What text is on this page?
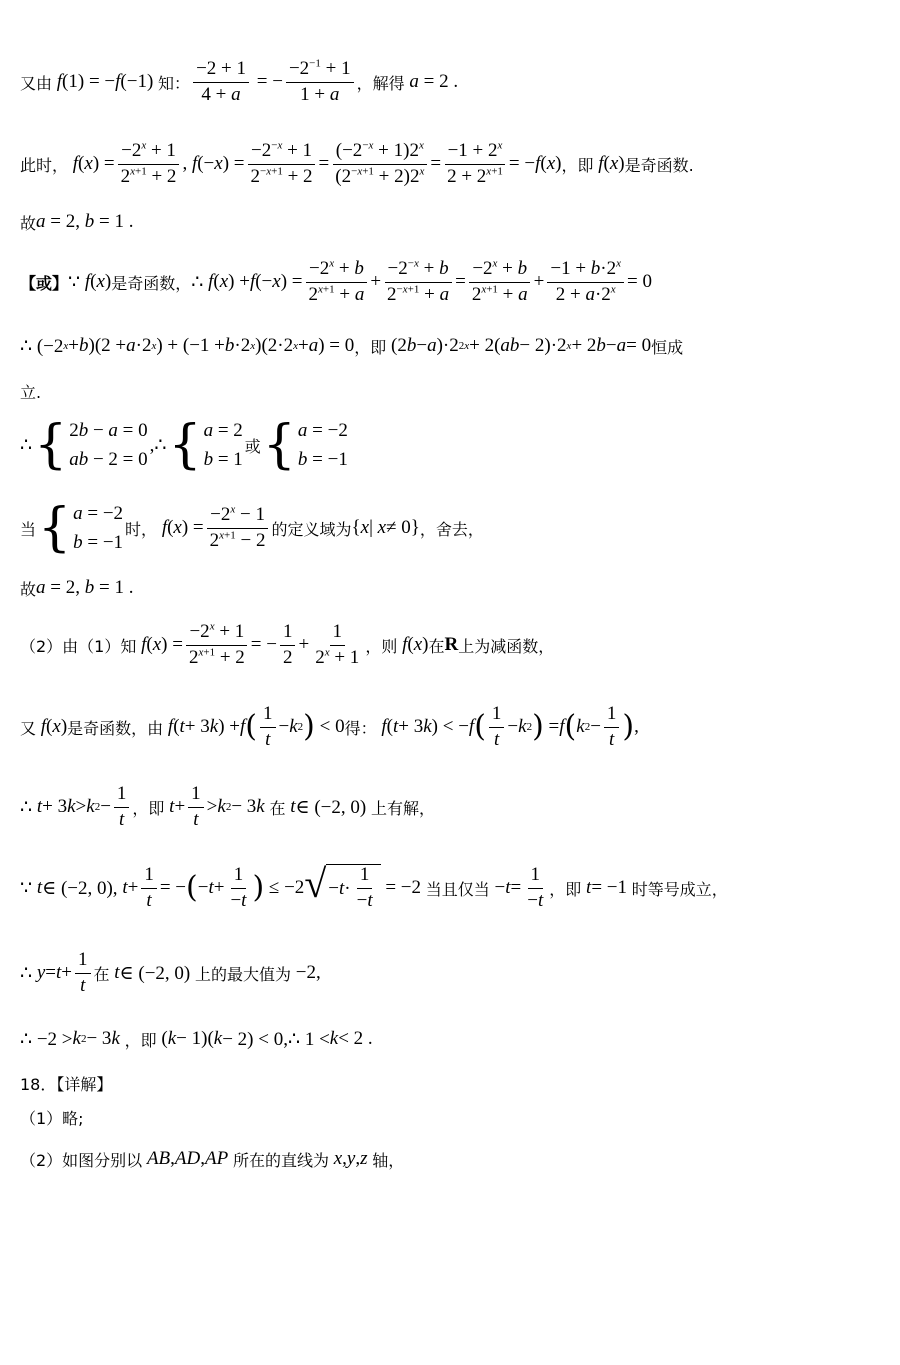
又由
f (1) = − f (−1) 知： $\frac{-2 + 1}{4 + a}$ = − $\frac{-2^{-1} + 1}{1 + a}$ ，解得
a = 2 .
此时，
f ( x ) = $\frac{-2^x + 1}{2^{x+1} + 2}$ , f (− x ) = $\frac{-2^{-x} + 1}{2^{-x+1} + 2} = \frac{(-2^{-x} + 1)2^x}{(2^{-x+1} + 2)2^x} = \frac{-1 + 2^x}{2 + 2^{x+1}}$ = − f ( x ) ，即
f ( x ) 是奇函数.
故 a = 2, b = 1 .
【或】 ∵ f ( x ) 是奇函数， ∴ f ( x ) + f (− x ) = $\frac{-2^x + b}{2^{x+1} + a} + \frac{-2^{-x} + b}{2^{-x+1} + a} = \frac{-2^x + b}{2^{x+1} + a} + \frac{-1 + b\cdot 2^x}{2 + a\cdot 2^x} = 0$
∴ (−2 x + b )(2 + a ·2 x ) + (−1 + b ·2 x )(2·2 x + a ) = 0 ，即 (2 b − a )·2 2x + 2( ab − 2)·2 x + 2 b − a = 0 恒成
立.
∴ { 2b − a = 0
ab − 2 = 0
,∴ { a = 2
b = 1
或 { a = −2
b = −1
当 { a = −2
b = −1
时，
f ( x ) = $\frac{-2^x - 1}{2^{x+1} - 2}$ 的定义域为 { x | x ≠ 0} ，舍去，
故 a = 2, b = 1 .
（2）由（1）知
f ( x ) = $\frac{-2^x + 1}{2^{x+1} + 2}$ = − $\frac{1}{2} + \frac{1}{2^x + 1}$ ，则
f ( x ) 在 R 上为减函数，
又
f ( x ) 是奇函数，由
f ( t + 3 k ) + f ( $\frac{1}{t} - k$ 2 ) < 0 得：
f ( t + 3 k ) < − f ( $\frac{1}{t} - k$ 2 ) = f ( k $2 - \frac{1}{t}$ ) ,
∴ t + 3 k > k $2 - \frac{1}{t}$ ，即
$t + \frac{1}{t} > k$ 2 − 3 k
在
t ∈ (−2, 0) 上有解，
∵ t ∈ (−2, 0), $t + \frac{1}{t}$ = − ( − $t + \frac{1}{-t}$ ) ≤ −2 √ − $t \cdot \frac{1}{-t} = -2$ 当且仅当 − $t = \frac{1}{-t}$ ，即
t = −1 时等号成立，
∴ $y = t + \frac{1}{t}$ 在
t ∈ (−2, 0) 上的最大值为 −2,
∴ −2 > k 2 − 3 k
，即 ( k − 1)( k − 2) < 0,∴ 1 < k < 2 .
18．【详解】
（1）略;
（2）如图分别以
AB , AD , AP
所在的直线为
x , y , z
轴，
